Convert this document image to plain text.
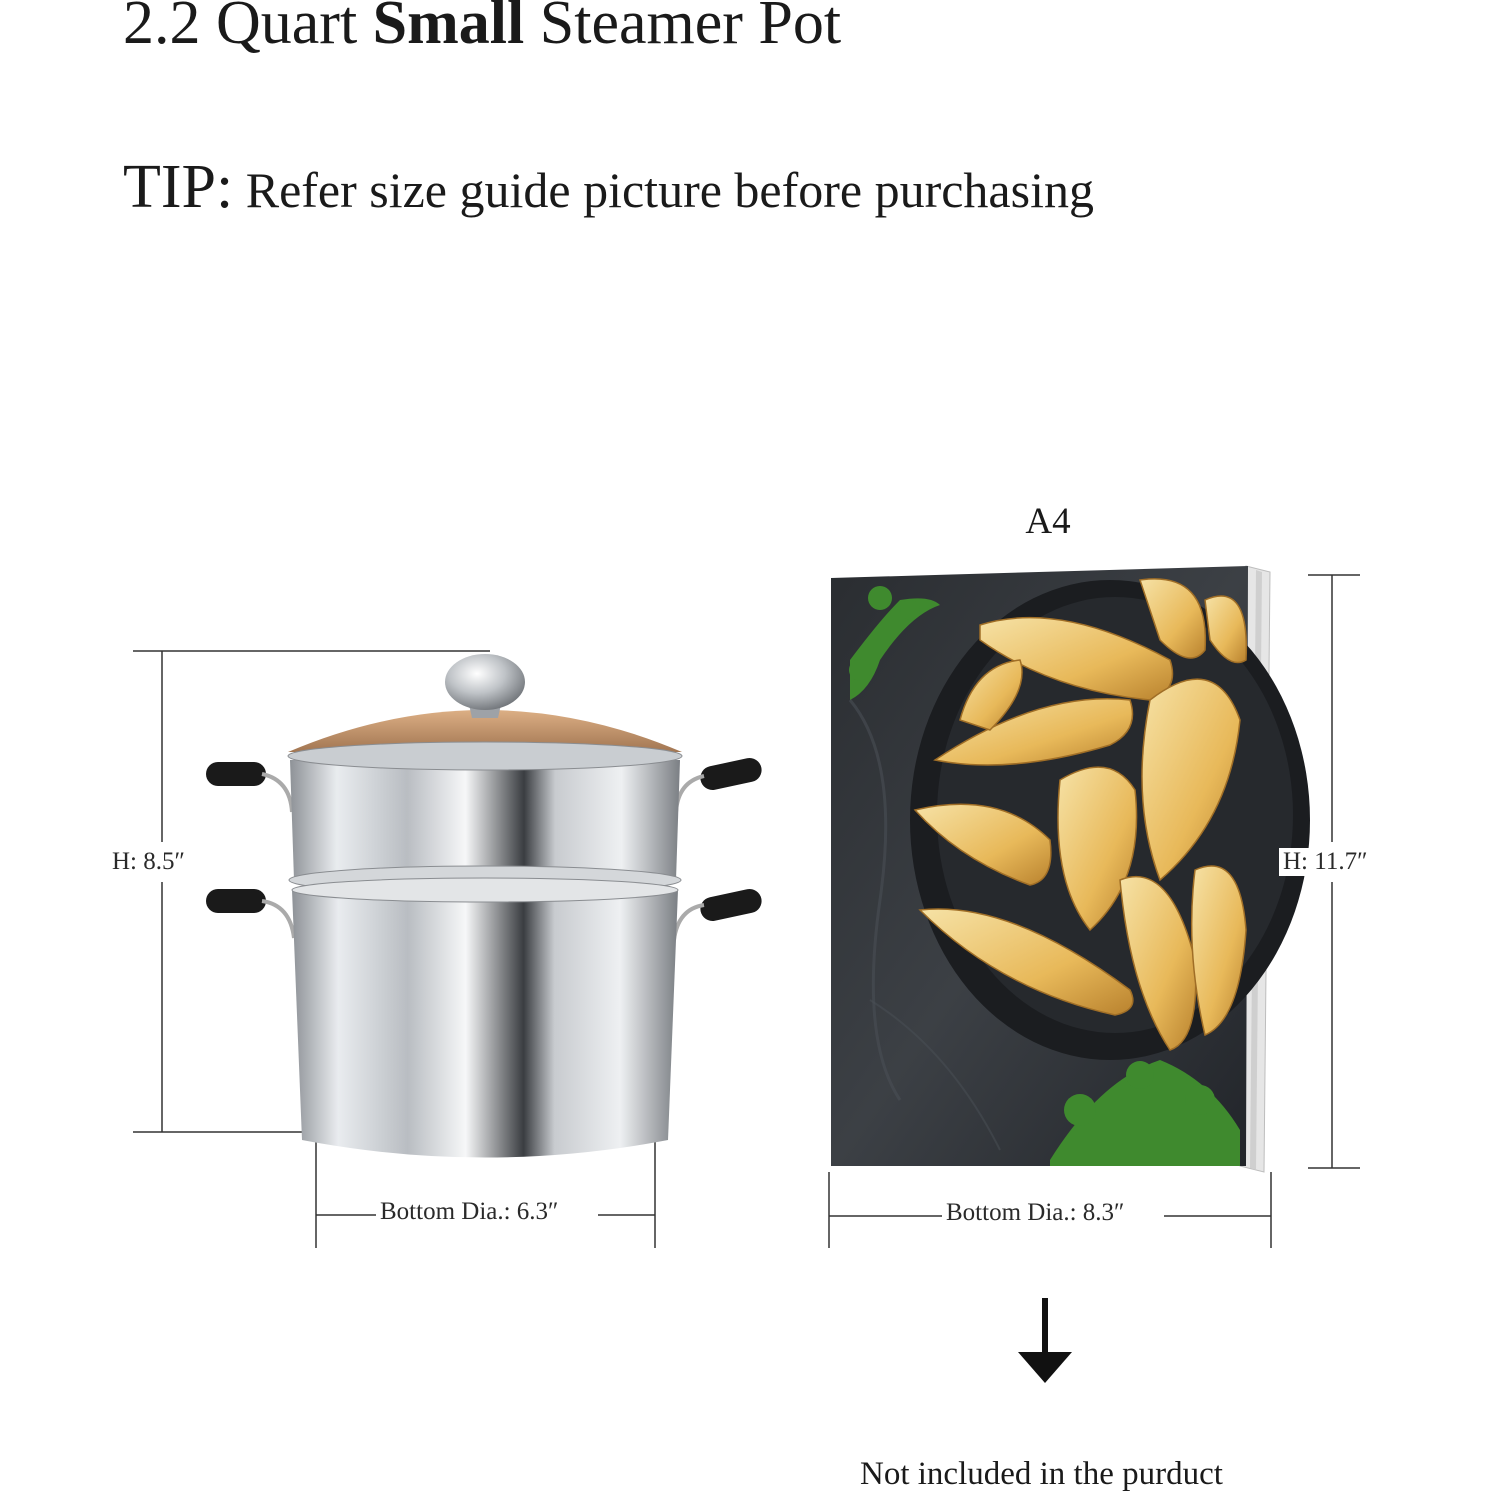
2.2 Quart Small Steamer Pot
TIP: Refer size guide picture before purchasing
A4
H: 8.5″
Bottom Dia.: 6.3″
H: 11.7″
Bottom Dia.: 8.3″
Not included in the purduct
